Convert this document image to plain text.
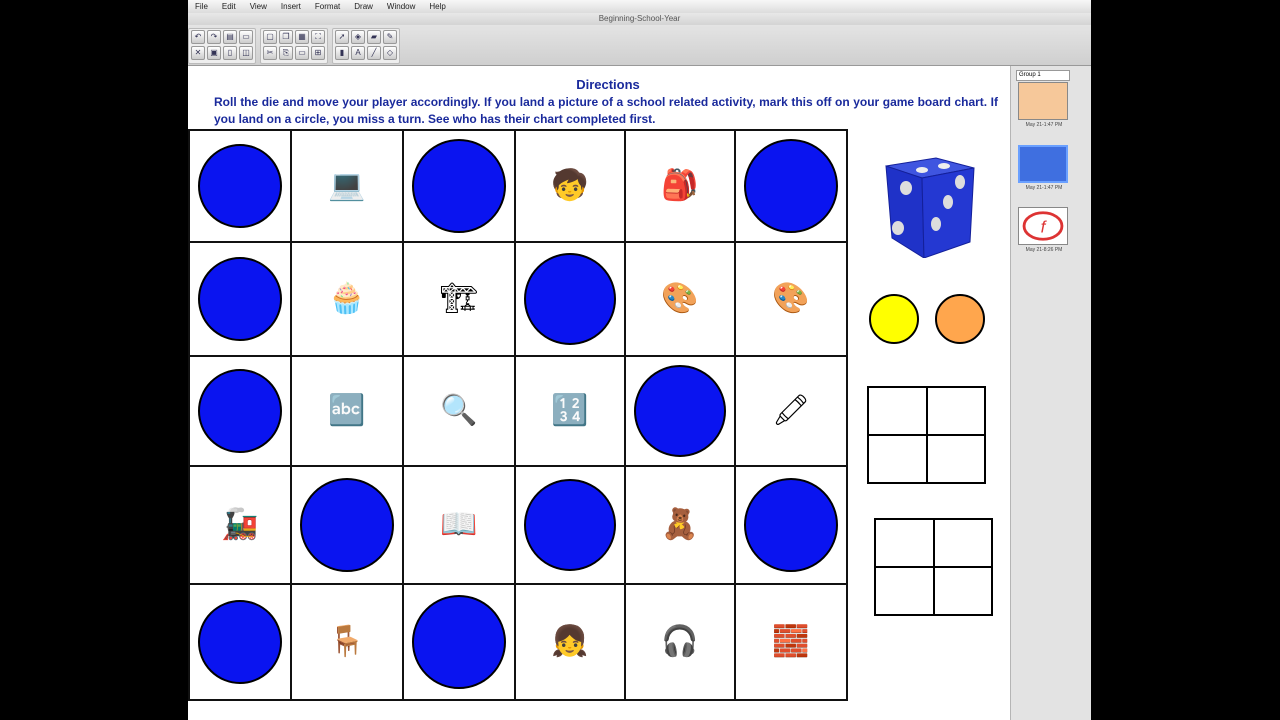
File	Edit	View	Insert	Format	Draw	Window	Help
Beginning-School-Year
↶	↷	▤	▭
✕	▣	▯	◫
▢	❐	▦	⛶
✂	⎘	▭	⊞
➚	◈	▰	✎
▮	A	╱	◇
Directions
Roll the die and move your player accordingly. If you land a picture of a school related activity, mark this off on your game board chart. If you land on a circle, you miss a turn. See who has their chart completed first.
💻	🧒 🎒
🧁 🏗	🎨 🎨
🔤 🔍 🔢	🖍
🚂	📖	🧸
🪑	👧 🎧 🧱
Group 1
May 21-1:47 PM
May 21-1:47 PM
f
May 21-8:26 PM
